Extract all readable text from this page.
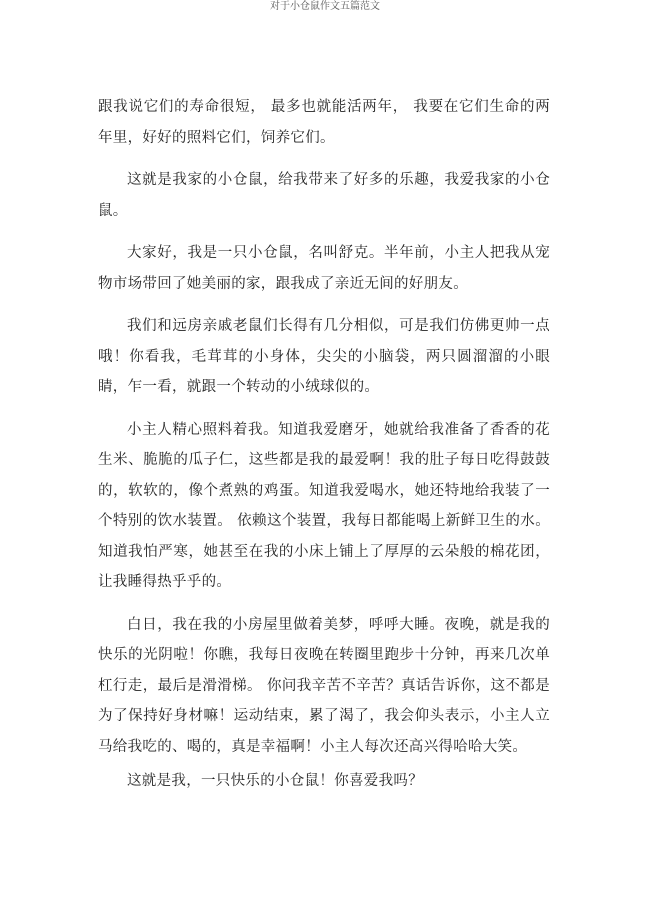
对于小仓鼠作文五篇范文

跟我说它们的寿命很短， 最多也就能活两年， 我要在它们生命的两年里，好好的照料它们，饲养它们。

这就是我家的小仓鼠，给我带来了好多的乐趣，我爱我家的小仓鼠。

大家好，我是一只小仓鼠，名叫舒克。半年前，小主人把我从宠物市场带回了她美丽的家，跟我成了亲近无间的好朋友。

我们和远房亲戚老鼠们长得有几分相似，可是我们仿佛更帅一点哦！你看我，毛茸茸的小身体，尖尖的小脑袋，两只圆溜溜的小眼睛，乍一看，就跟一个转动的小绒球似的。

小主人精心照料着我。知道我爱磨牙，她就给我准备了香香的花生米、脆脆的瓜子仁，这些都是我的最爱啊！我的肚子每日吃得鼓鼓的，软软的，像个煮熟的鸡蛋。知道我爱喝水，她还特地给我装了一个特别的饮水装置。 依赖这个装置，我每日都能喝上新鲜卫生的水。知道我怕严寒，她甚至在我的小床上铺上了厚厚的云朵般的棉花团，让我睡得热乎乎的。

白日，我在我的小房屋里做着美梦，呼呼大睡。夜晚，就是我的快乐的光阴啦！你瞧，我每日夜晚在转圈里跑步十分钟，再来几次单杠行走，最后是滑滑梯。 你问我辛苦不辛苦？真话告诉你，这不都是为了保持好身材嘛！运动结束，累了渴了，我会仰头表示，小主人立马给我吃的、喝的，真是幸福啊！小主人每次还高兴得哈哈大笑。

这就是我，一只快乐的小仓鼠！你喜爱我吗？
